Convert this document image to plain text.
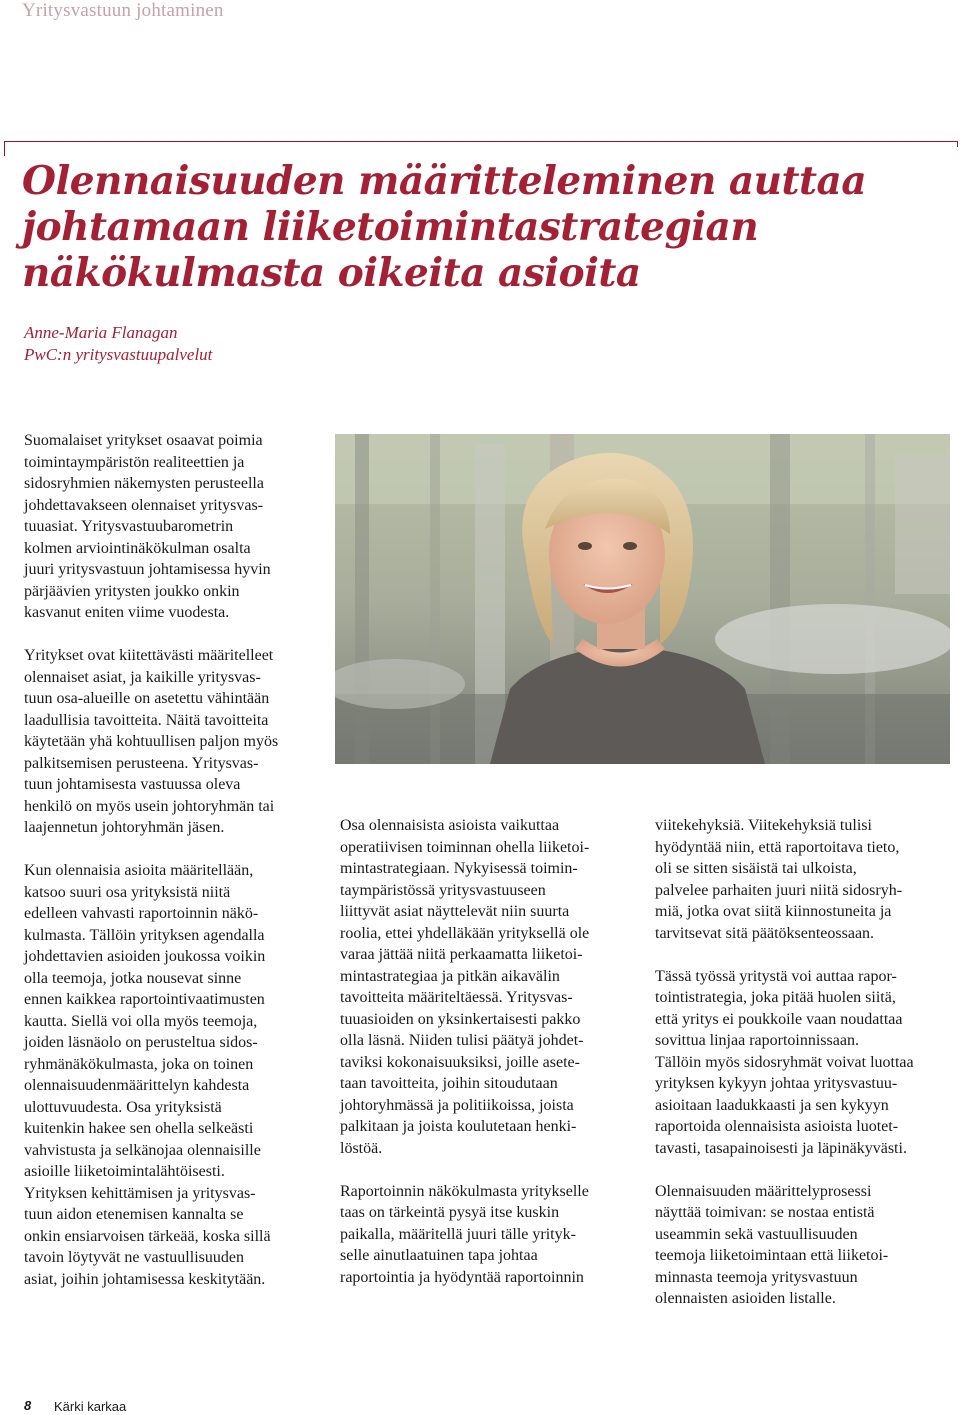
Yritysvastuun johtaminen
Olennaisuuden määritteleminen auttaa
johtamaan liiketoimintastrategian
näkökulmasta oikeita asioita
Anne-Maria Flanagan
PwC:n yritysvastuupalvelut

Suomalaiset yritykset osaavat poimia
toimintaympäristön realiteettien ja
sidosryhmien näkemysten perusteella
johdettavakseen olennaiset yritysvas-
tuuasiat. Yritysvastuubarometrin
kolmen arviointinäkökulman osalta
juuri yritysvastuun johtamisessa hyvin
pärjäävien yritysten joukko onkin
kasvanut eniten viime vuodesta.

Yritykset ovat kiitettävästi määritelleet
olennaiset asiat, ja kaikille yritysvas-
tuun osa-alueille on asetettu vähintään
laadullisia tavoitteita. Näitä tavoitteita
käytetään yhä kohtuullisen paljon myös
palkitsemisen perusteena. Yritysvas-
tuun johtamisesta vastuussa oleva
henkilö on myös usein johtoryhmän tai
laajennetun johtoryhmän jäsen.

Kun olennaisia asioita määritellään,
katsoo suuri osa yrityksistä niitä
edelleen vahvasti raportoinnin näkö-
kulmasta. Tällöin yrityksen agendalla
johdettavien asioiden joukossa voikin
olla teemoja, jotka nousevat sinne
ennen kaikkea raportointivaatimusten
kautta. Siellä voi olla myös teemoja,
joiden läsnäolo on perusteltua sidos-
ryhmänäkökulmasta, joka on toinen
olennaisuudenmäärittelyn kahdesta
ulottuvuudesta. Osa yrityksistä
kuitenkin hakee sen ohella selkeästi
vahvistusta ja selkänojaa olennaisille
asioille liiketoimintalähtöisesti.
Yrityksen kehittämisen ja yritysvas-
tuun aidon etenemisen kannalta se
onkin ensiarvoisen tärkeää, koska sillä
tavoin löytyvät ne vastuullisuuden
asiat, joihin johtamisessa keskitytään.

Osa olennaisista asioista vaikuttaa
operatiivisen toiminnan ohella liiketoi-
mintastrategiaan. Nykyisessä toimin-
taympäristössä yritysvastuuseen
liittyvät asiat näyttelevät niin suurta
roolia, ettei yhdelläkään yrityksellä ole
varaa jättää niitä perkaamatta liiketoi-
mintastrategiaa ja pitkän aikavälin
tavoitteita määriteltäessä. Yritysvas-
tuuasioiden on yksinkertaisesti pakko
olla läsnä. Niiden tulisi päätyä johdet-
taviksi kokonaisuuksiksi, joille asete-
taan tavoitteita, joihin sitoudutaan
johtoryhmässä ja politiikoissa, joista
palkitaan ja joista koulutetaan henki-
löstöä.

Raportoinnin näkökulmasta yritykselle
taas on tärkeintä pysyä itse kuskin
paikalla, määritellä juuri tälle yrityk-
selle ainutlaatuinen tapa johtaa
raportointia ja hyödyntää raportoinnin

viitekehyksiä. Viitekehyksiä tulisi
hyödyntää niin, että raportoitava tieto,
oli se sitten sisäistä tai ulkoista,
palvelee parhaiten juuri niitä sidosryh-
miä, jotka ovat siitä kiinnostuneita ja
tarvitsevat sitä päätöksenteossaan.

Tässä työssä yritystä voi auttaa rapor-
tointistrategia, joka pitää huolen siitä,
että yritys ei poukkoile vaan noudattaa
sovittua linjaa raportoinnissaan.
Tällöin myös sidosryhmät voivat luottaa
yrityksen kykyyn johtaa yritysvastuu-
asioitaan laadukkaasti ja sen kykyyn
raportoida olennaisista asioista luotet-
tavasti, tasapainoisesti ja läpinäkyvästi.

Olennaisuuden määrittelyprosessi
näyttää toimivan: se nostaa entistä
useammin sekä vastuullisuuden
teemoja liiketoimintaan että liiketoi-
minnasta teemoja yritysvastuun
olennaisten asioiden listalle.

8 Kärki karkaa
